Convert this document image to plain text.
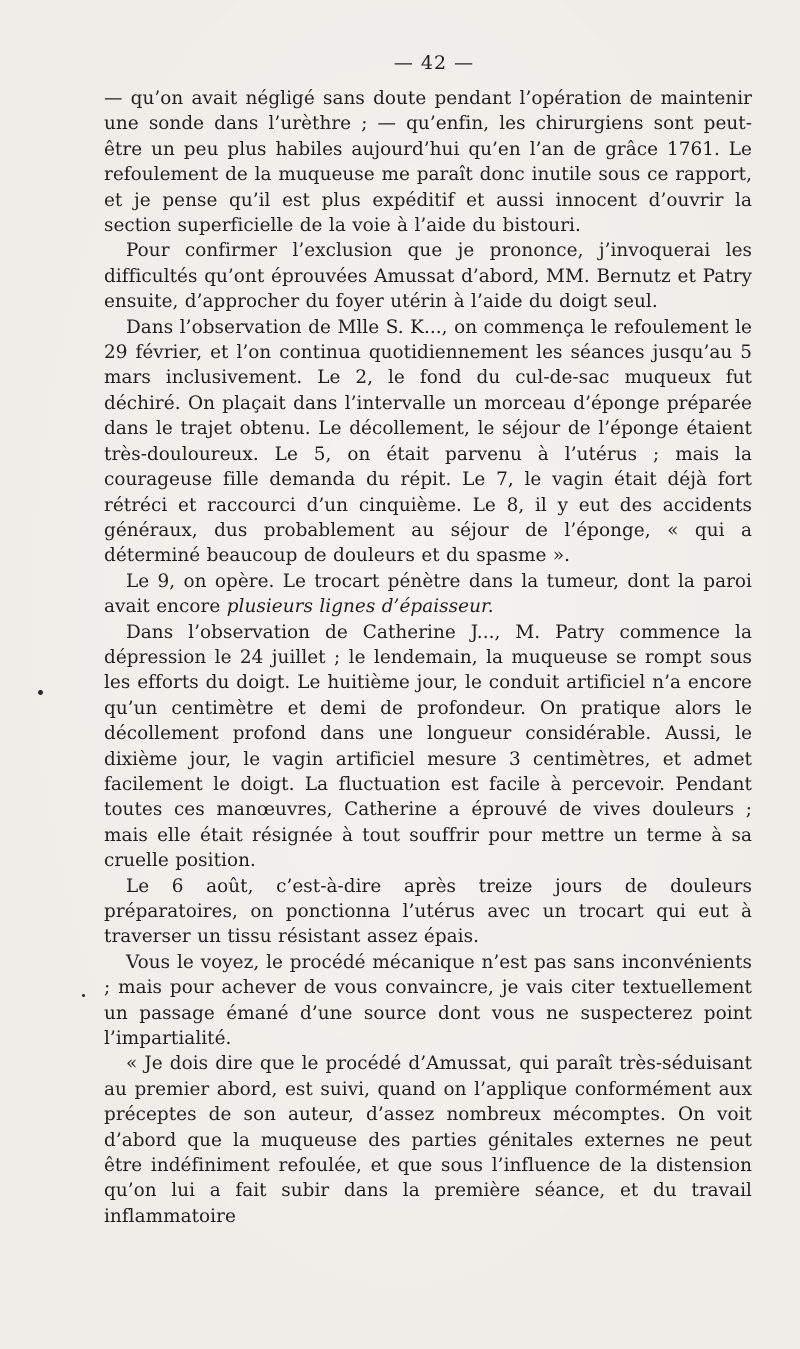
— 42 —

— qu’on avait négligé sans doute pendant l’opération de maintenir une sonde dans l’urèthre ; — qu’enfin, les chirurgiens sont peut-être un peu plus habiles aujourd’hui qu’en l’an de grâce 1761. Le refoulement de la muqueuse me paraît donc inutile sous ce rapport, et je pense qu’il est plus expéditif et aussi innocent d’ouvrir la section superficielle de la voie à l’aide du bistouri.

Pour confirmer l’exclusion que je prononce, j’invoquerai les difficultés qu’ont éprouvées Amussat d’abord, MM. Bernutz et Patry ensuite, d’approcher du foyer utérin à l’aide du doigt seul.

Dans l’observation de Mlle S. K..., on commença le refoulement le 29 février, et l’on continua quotidiennement les séances jusqu’au 5 mars inclusivement. Le 2, le fond du cul-de-sac muqueux fut déchiré. On plaçait dans l’intervalle un morceau d’éponge préparée dans le trajet obtenu. Le décollement, le séjour de l’éponge étaient très-douloureux. Le 5, on était parvenu à l’utérus ; mais la courageuse fille demanda du répit. Le 7, le vagin était déjà fort rétréci et raccourci d’un cinquième. Le 8, il y eut des accidents généraux, dus probablement au séjour de l’éponge, « qui a déterminé beaucoup de douleurs et du spasme ».

Le 9, on opère. Le trocart pénètre dans la tumeur, dont la paroi avait encore plusieurs lignes d’épaisseur.

Dans l’observation de Catherine J..., M. Patry commence la dépression le 24 juillet ; le lendemain, la muqueuse se rompt sous les efforts du doigt. Le huitième jour, le conduit artificiel n’a encore qu’un centimètre et demi de profondeur. On pratique alors le décollement profond dans une longueur considérable. Aussi, le dixième jour, le vagin artificiel mesure 3 centimètres, et admet facilement le doigt. La fluctuation est facile à percevoir. Pendant toutes ces manœuvres, Catherine a éprouvé de vives douleurs ; mais elle était résignée à tout souffrir pour mettre un terme à sa cruelle position.

Le 6 août, c’est-à-dire après treize jours de douleurs préparatoires, on ponctionna l’utérus avec un trocart qui eut à traverser un tissu résistant assez épais.

Vous le voyez, le procédé mécanique n’est pas sans inconvénients ; mais pour achever de vous convaincre, je vais citer textuellement un passage émané d’une source dont vous ne suspecterez point l’impartialité.

« Je dois dire que le procédé d’Amussat, qui paraît très-séduisant au premier abord, est suivi, quand on l’applique conformément aux préceptes de son auteur, d’assez nombreux mécomptes. On voit d’abord que la muqueuse des parties génitales externes ne peut être indéfiniment refoulée, et que sous l’influence de la distension qu’on lui a fait subir dans la première séance, et du travail inflammatoire
